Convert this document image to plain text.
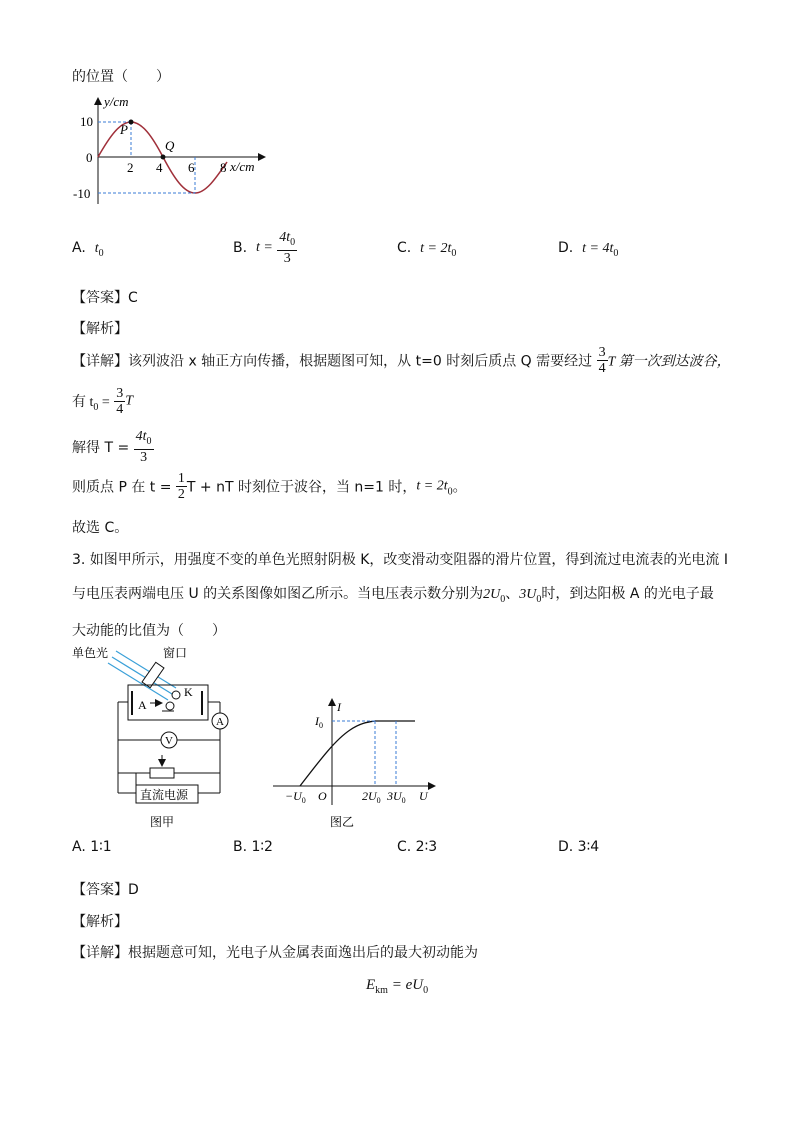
的位置（　　）
y/cm
x/cm
10
0
-10
2 4 6 8
P
Q
A. $t_0$	B. $t = \frac{4t_0}{3}$	C. $t = 2t_0$	D. $t = 4t_0$
【答案】C
【解析】
【详解】该列波沿 x 轴正方向传播，根据题图可知，从 t=0 时刻后质点 Q 需要经过 $\frac{3}{4}$ T 第一次到达波谷，
有 $t_0 = \frac{3}{4}$ T
解得 $T = \frac{4t_0}{3}$
则质点 P 在 $t = \frac{1}{2}$ T + nT 时刻位于波谷，当 n=1 时，$t = 2t_0$。
故选 C。
3. 如图甲所示，用强度不变的单色光照射阴极 K，改变滑动变阻器的滑片位置，得到流过电流表的光电流 I
与电压表两端电压 U 的关系图像如图乙所示。当电压表示数分别为$2U_0$、$3U_0$时，到达阳极 A 的光电子最
大动能的比值为（　　）
单色光	窗口
A
K
A
V
直流电源
图甲
I
U
$I_0$
$-U_0$ O	$2U_0$ $3U_0$
图乙
A. 1∶1	B. 1∶2	C. 2∶3	D. 3∶4
【答案】D
【解析】
【详解】根据题意可知，光电子从金属表面逸出后的最大初动能为
$E_{km} = eU_0$
